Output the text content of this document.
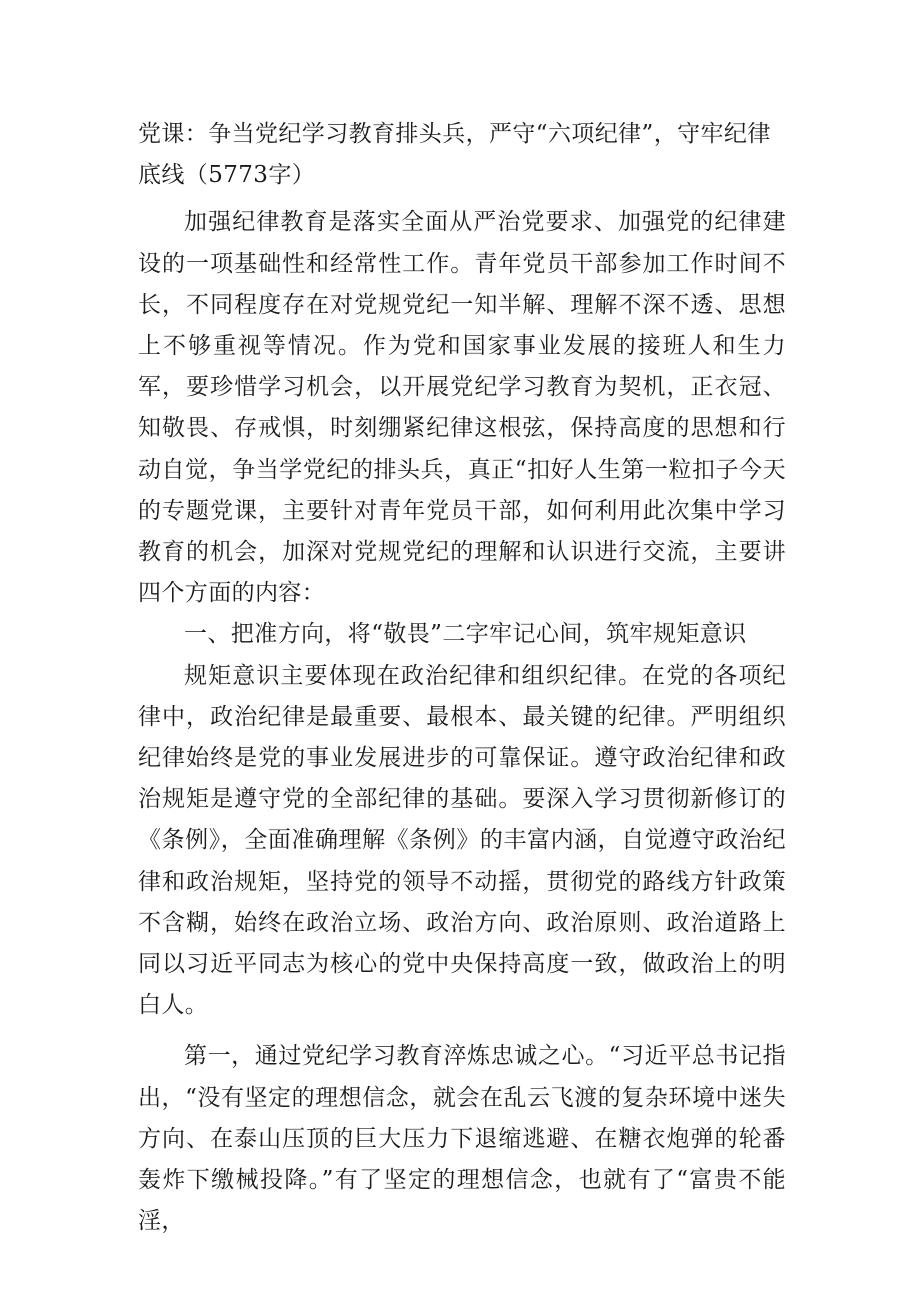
党课：争当党纪学习教育排头兵，严守“六项纪律”，守牢纪律底线（5773字）

加强纪律教育是落实全面从严治党要求、加强党的纪律建设的一项基础性和经常性工作。青年党员干部参加工作时间不长，不同程度存在对党规党纪一知半解、理解不深不透、思想上不够重视等情况。作为党和国家事业发展的接班人和生力军，要珍惜学习机会，以开展党纪学习教育为契机，正衣冠、知敬畏、存戒惧，时刻绷紧纪律这根弦，保持高度的思想和行动自觉，争当学党纪的排头兵，真正“扣好人生第一粒扣子今天的专题党课，主要针对青年党员干部，如何利用此次集中学习教育的机会，加深对党规党纪的理解和认识进行交流，主要讲四个方面的内容：

一、把准方向，将“敬畏”二字牢记心间，筑牢规矩意识

规矩意识主要体现在政治纪律和组织纪律。在党的各项纪律中，政治纪律是最重要、最根本、最关键的纪律。严明组织纪律始终是党的事业发展进步的可靠保证。遵守政治纪律和政治规矩是遵守党的全部纪律的基础。要深入学习贯彻新修订的《条例》，全面准确理解《条例》的丰富内涵，自觉遵守政治纪律和政治规矩，坚持党的领导不动摇，贯彻党的路线方针政策不含糊，始终在政治立场、政治方向、政治原则、政治道路上同以习近平同志为核心的党中央保持高度一致，做政治上的明白人。

第一，通过党纪学习教育淬炼忠诚之心。“习近平总书记指出，“没有坚定的理想信念，就会在乱云飞渡的复杂环境中迷失方向、在泰山压顶的巨大压力下退缩逃避、在糖衣炮弹的轮番轰炸下缴械投降。”有了坚定的理想信念，也就有了“富贵不能淫，
